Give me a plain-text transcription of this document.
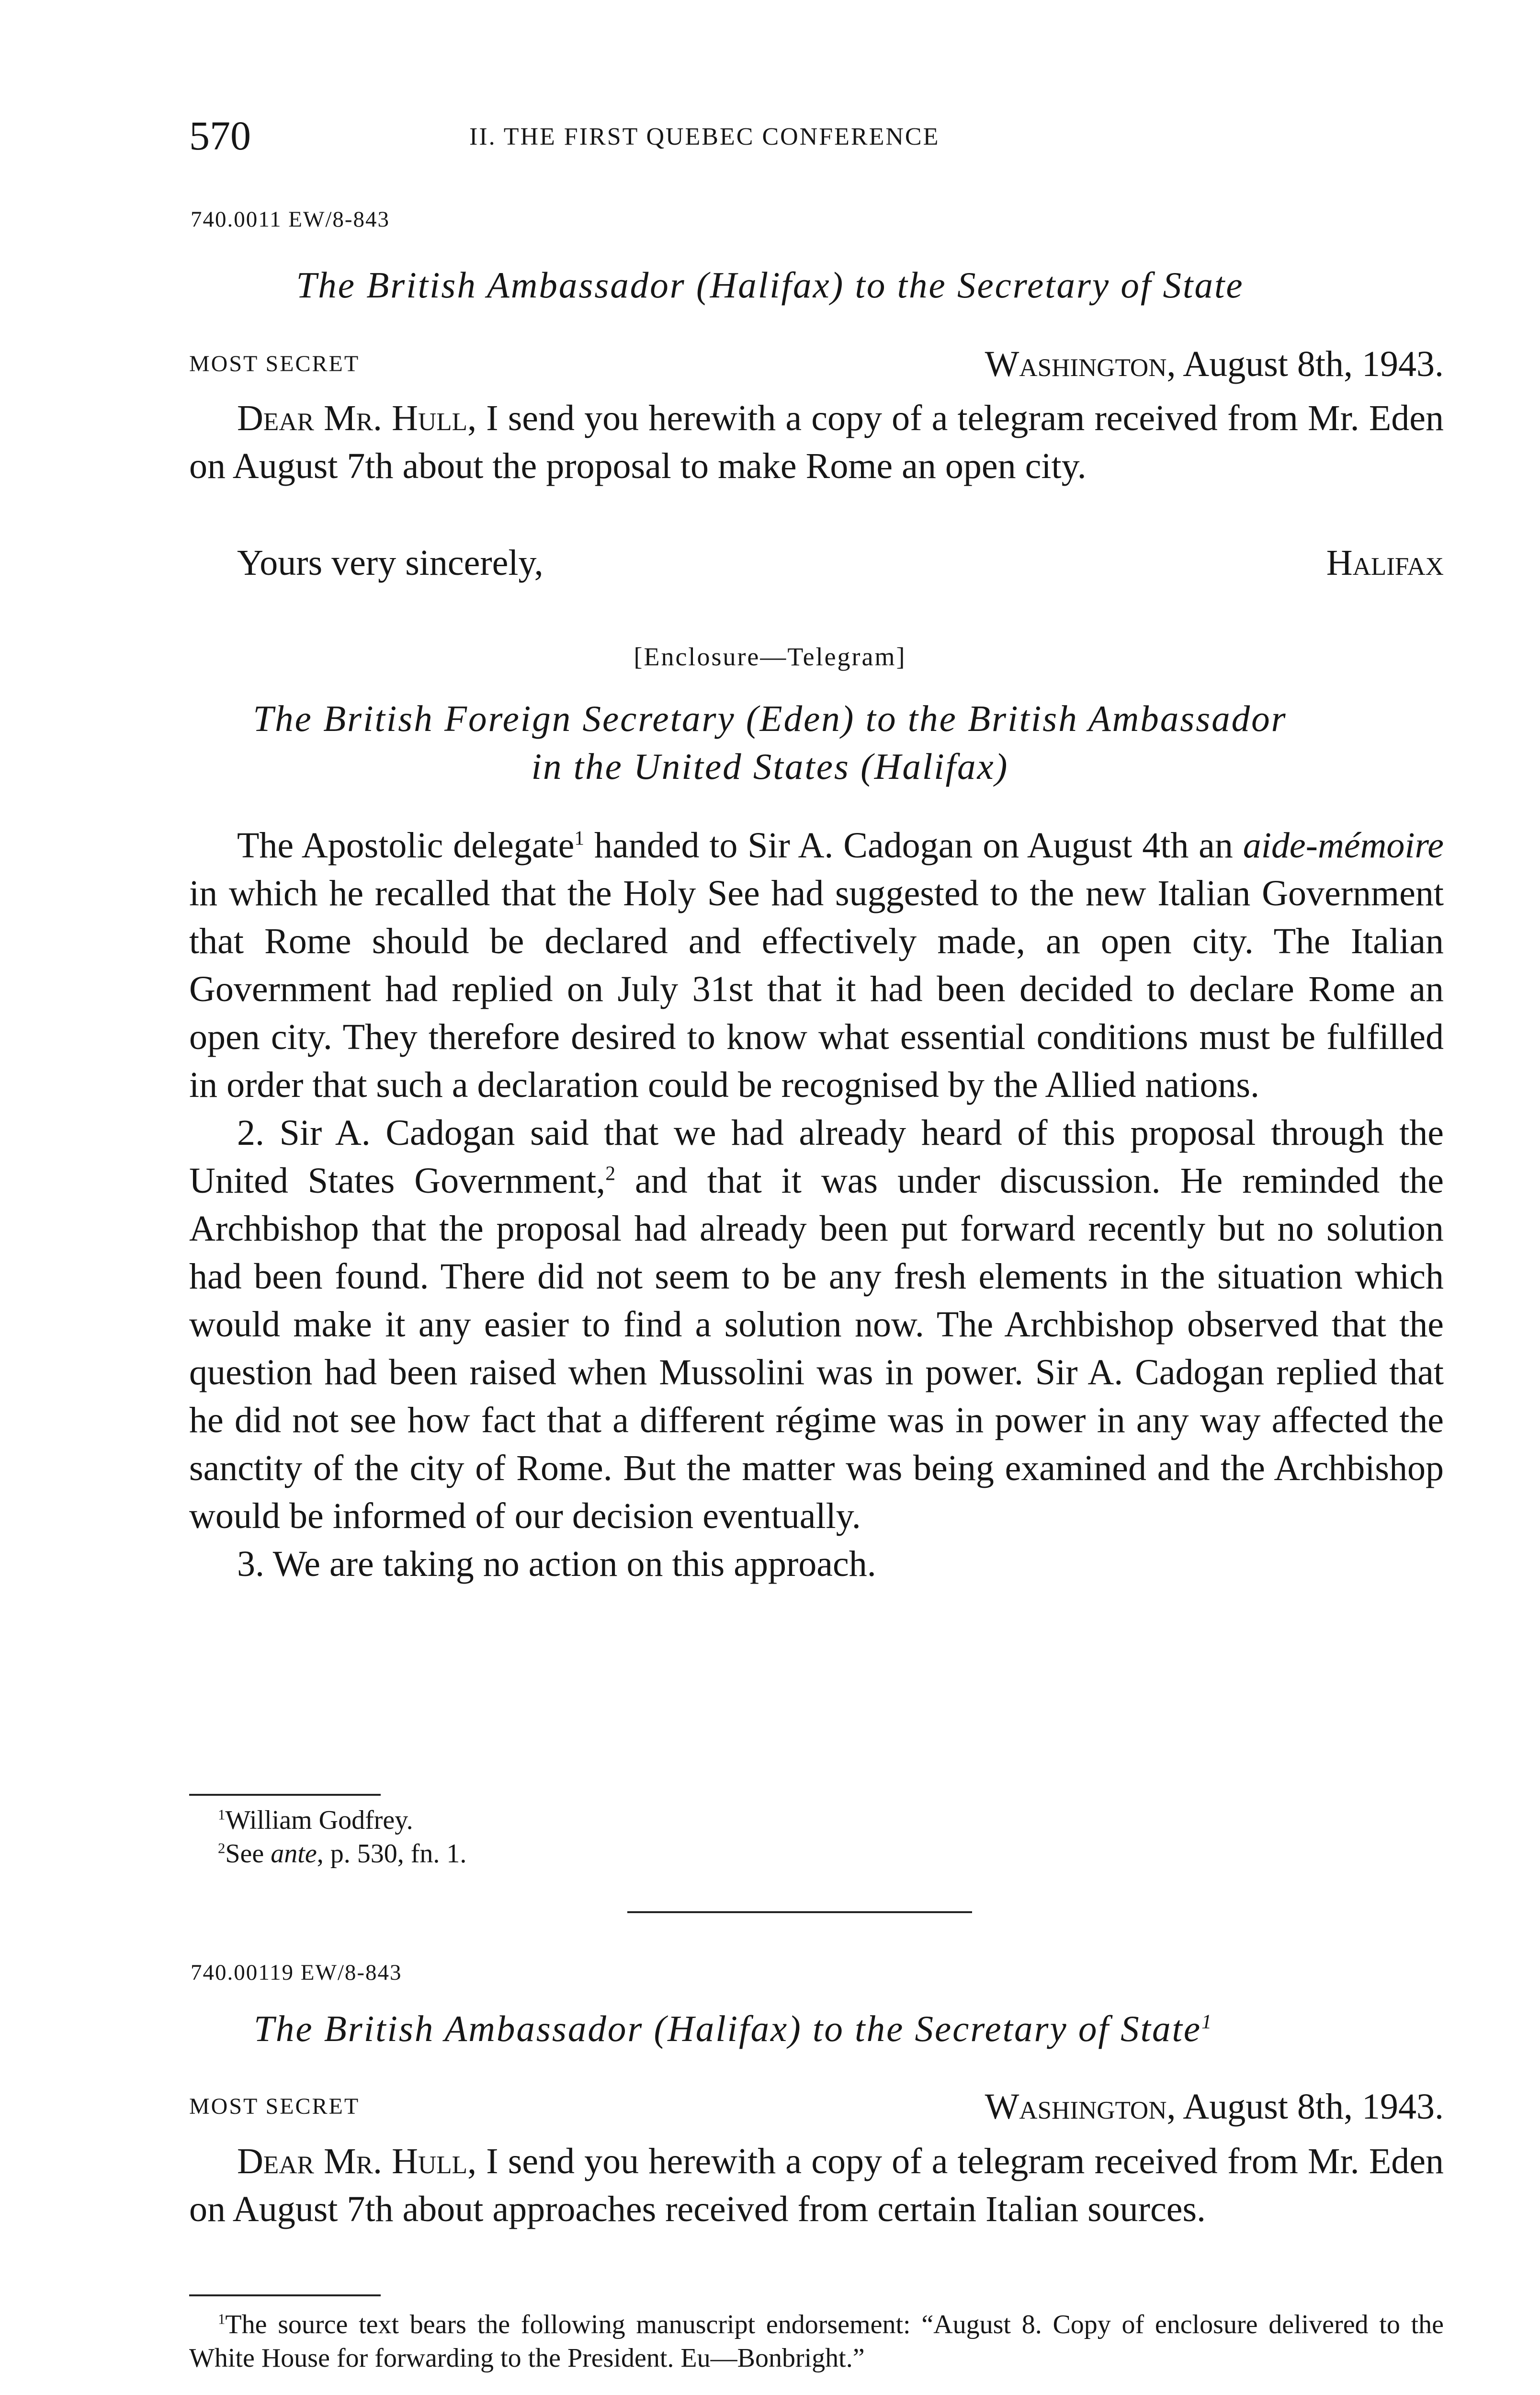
570	II. THE FIRST QUEBEC CONFERENCE
740.0011 EW/8-843
The British Ambassador (Halifax) to the Secretary of State
MOST SECRET	Washington, August 8th, 1943.

Dear Mr. Hull, I send you herewith a copy of a telegram received from Mr. Eden on August 7th about the proposal to make Rome an open city.

Yours very sincerely,	Halifax
[Enclosure—Telegram]
The British Foreign Secretary (Eden) to the British Ambassador
in the United States (Halifax)

The Apostolic delegate$^1$ handed to Sir A. Cadogan on August 4th an aide-mémoire in which he recalled that the Holy See had suggested to the new Italian Government that Rome should be declared and effectively made, an open city. The Italian Government had replied on July 31st that it had been decided to declare Rome an open city. They therefore desired to know what essential conditions must be fulfilled in order that such a declaration could be recognised by the Allied nations.

2. Sir A. Cadogan said that we had already heard of this proposal through the United States Government,$^2$ and that it was under discussion. He reminded the Archbishop that the proposal had already been put forward recently but no solution had been found. There did not seem to be any fresh elements in the situation which would make it any easier to find a solution now. The Archbishop observed that the question had been raised when Mussolini was in power. Sir A. Cadogan replied that he did not see how fact that a different régime was in power in any way affected the sanctity of the city of Rome. But the matter was being examined and the Archbishop would be informed of our decision eventually.

3. We are taking no action on this approach.

$^1$William Godfrey.

$^2$See ante, p. 530, fn. 1.

740.00119 EW/8-843
The British Ambassador (Halifax) to the Secretary of State$^1$
MOST SECRET	Washington, August 8th, 1943.

Dear Mr. Hull, I send you herewith a copy of a telegram received from Mr. Eden on August 7th about approaches received from certain Italian sources.

$^1$The source text bears the following manuscript endorsement: “August 8. Copy of enclosure delivered to the White House for forwarding to the President. Eu—Bonbright.”
